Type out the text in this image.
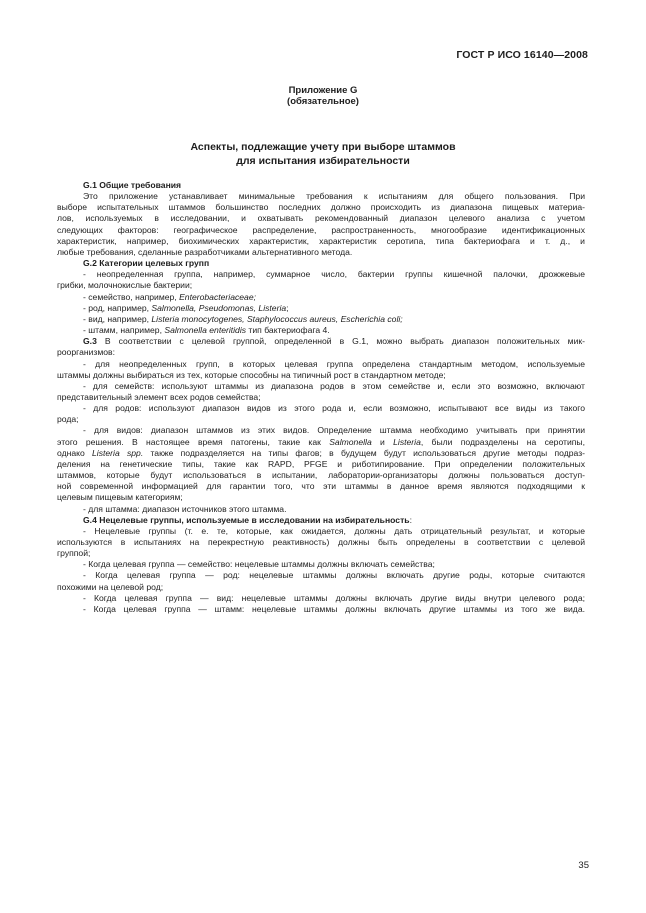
ГОСТ Р ИСО 16140—2008
Приложение G
(обязательное)
Аспекты, подлежащие учету при выборе штаммов
для испытания избирательности
G.1 Общие требования
Это приложение устанавливает минимальные требования к испытаниям для общего пользования. При
выборе испытательных штаммов большинство последних должно происходить из диапазона пищевых материа-
лов, используемых в исследовании, и охватывать рекомендованный диапазон целевого анализа с учетом
следующих факторов: географическое распределение, распространенность, многообразие идентификационных
характеристик, например, биохимических характеристик, характеристик серотипа, типа бактериофага и т. д., и
любые требования, сделанные разработчиками альтернативного метода.
G.2 Категории целевых групп
- неопределенная группа, например, суммарное число, бактерии группы кишечной палочки, дрожжевые
грибки, молочнокислые бактерии;
- семейство, например, Enterobacteriaceae;
- род, например, Salmonella, Pseudomonas, Listeria;
- вид, например, Listeria monocytogenes, Staphylococcus aureus, Escherichia coli;
- штамм, например, Salmonella enteritidis тип бактериофага 4.
G.3 В соответствии с целевой группой, определенной в G.1, можно выбрать диапазон положительных мик-
роорганизмов:
- для неопределенных групп, в которых целевая группа определена стандартным методом, используемые
штаммы должны выбираться из тех, которые способны на типичный рост в стандартном методе;
- для семейств: используют штаммы из диапазона родов в этом семействе и, если это возможно, включают
представительный элемент всех родов семейства;
- для родов: используют диапазон видов из этого рода и, если возможно, испытывают все виды из такого
рода;
- для видов: диапазон штаммов из этих видов. Определение штамма необходимо учитывать при принятии
этого решения. В настоящее время патогены, такие как Salmonella и Listeria, были подразделены на серотипы,
однако Listeria spp. также подразделяется на типы фагов; в будущем будут использоваться другие методы подраз-
деления на генетические типы, такие как RAPD, PFGE и риботипирование. При определении положительных
штаммов, которые будут использоваться в испытании, лаборатории-организаторы должны пользоваться доступ-
ной современной информацией для гарантии того, что эти штаммы в данное время являются подходящими к
целевым пищевым категориям;
- для штамма: диапазон источников этого штамма.
G.4 Нецелевые группы, используемые в исследовании на избирательность:
- Нецелевые группы (т. е. те, которые, как ожидается, должны дать отрицательный результат, и которые
используются в испытаниях на перекрестную реактивность) должны быть определены в соответствии с целевой
группой;
- Когда целевая группа — семейство: нецелевые штаммы должны включать семейства;
- Когда целевая группа — род: нецелевые штаммы должны включать другие роды, которые считаются
похожими на целевой род;
- Когда целевая группа — вид: нецелевые штаммы должны включать другие виды внутри целевого рода;
- Когда целевая группа — штамм: нецелевые штаммы должны включать другие штаммы из того же вида.
35
